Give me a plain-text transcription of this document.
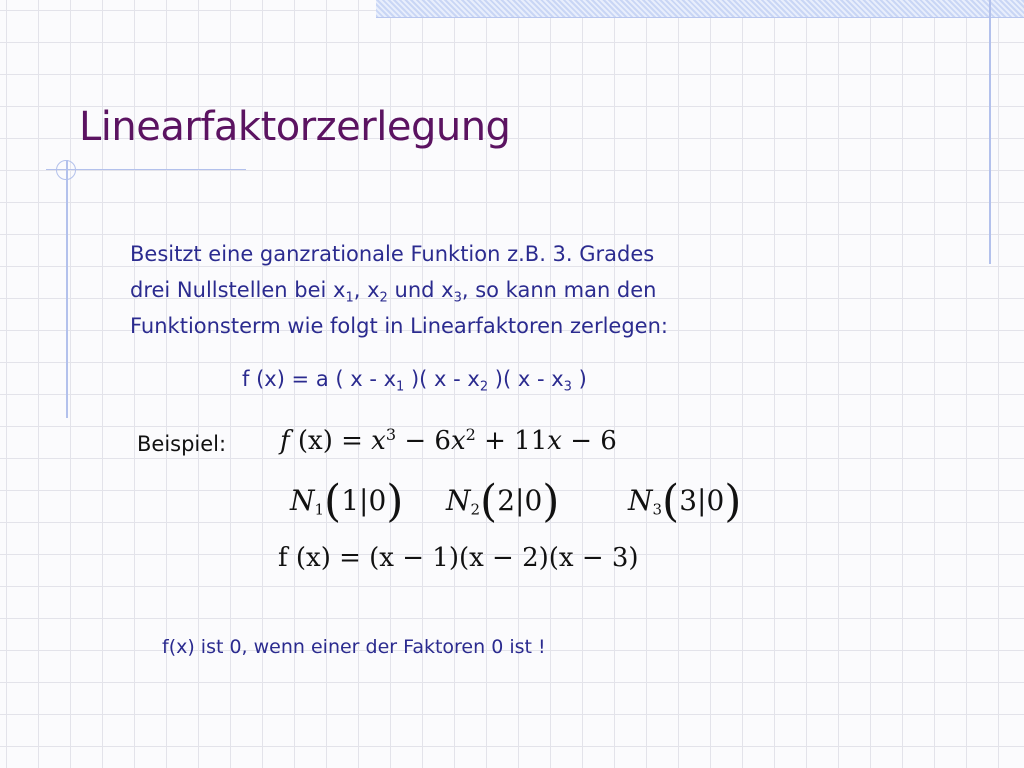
Linearfaktorzerlegung
Besitzt eine ganzrationale Funktion z.B. 3. Grades
drei Nullstellen bei $x_1$, $x_2$ und $x_3$, so kann man den
Funktionsterm wie folgt in Linearfaktoren zerlegen:
f (x) = a ( x - $x_1$ )( x - $x_2$ )( x - $x_3$ )
Beispiel: f $(x) = x^3 - 6x^2 + 11x - 6$
N1(1|0) N2(2|0) N3(3|0)
f (x) = (x − 1)(x − 2)(x − 3)
f(x) ist 0, wenn einer der Faktoren 0 ist !
